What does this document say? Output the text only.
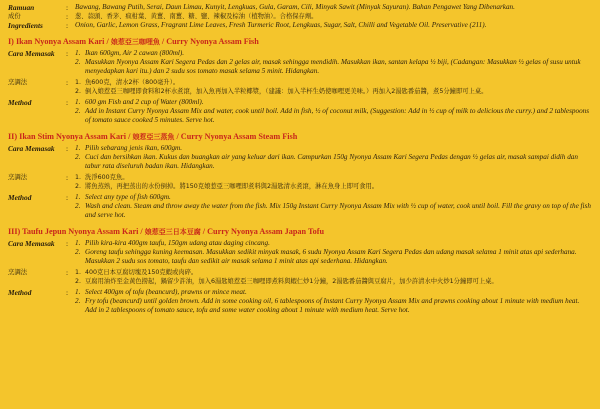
Ramuan	: Bawang, Bawang Putih, Serai, Daun Limau, Kunyit, Lengkuas, Gula, Garam, Cili, Minyak Sawit (Minyak Sayuran). Bahan Pengawet Yang Dibenarkan.
成份	:	葱、蒜頭、香茅、疯柑葉、黄薑、南薑、糖、鹽、辣椒及棕油（植物油）。合格保存劑。
Ingredients	: Onion, Garlic, Lemon Grass, Fragrant Lime Leaves, Fresh Turmeric Root, Lengkuas, Sugar, Salt, Chilli and Vegetable Oil. Preservative (211).
I) Ikan Nyonya Assam Kari / 娘惹亞三咖哩魚 / Curry Nyonya Assam Fish
Cara Memasak	: 1. Ikan 600gm, Air 2 cawan (800ml).
2. Masukkan Nyonya Assam Kari Segera Pedas dan 2 gelas air, masak sehingga mendidih. Masukkan ikan, santan kelapa ½ biji, (Cadangan: Masukkan ½ gelas of susu untuk menyedapkan kari itu.) dan 2 sudu sos tomato masak selama 5 minit. Hidangkan.
烹調法	:	1. 魚600克，清水2杯（800毫升）。
2. 倒入娘惹亞三咖哩即食料和2杯水煮滾，加入魚再加入半粒椰漿，（建議：加入半杯生奶使咖哩更美味。）再加入2湯匙番茄醬，煮5分鐘即可上桌。
Method	: 1. 600 gm Fish and 2 cup of Water (800ml).
2. Add in Instant Curry Nyonya Assam Mix and water, cook until boil. Add in fish, ½ of coconut milk, (Suggestion: Add in ½ cup of milk to delicious the curry.) and 2 tablespoons of tomato sauce cooked 5 minutes. Serve hot.
II) Ikan Stim Nyonya Assam Kari / 娘惹亞三蒸魚 / Curry Nyonya Assam Steam Fish
Cara Memasak	: 1. Pilih sebarang jenis ikan, 600gm.
2. Cuci dan bersihkan ikan. Kukus dan buangkan air yang keluar dari ikan. Campurkan 150g Nyonya Assam Kari Segera Pedas dengan ½ gelas air, masak sampai didih dan tabur rata diseluruh badan ikan. Hidangkan.
烹調法	:	1. 洗淨600克魚。
2. 將魚蒸熟，再把蒸出的水份倒掉。將150克娘惹亞三咖哩即煮料與2湯匙清水煮滾，淋在魚身上即可食用。
Method	: 1. Select any type of fish 600gm.
2. Wash and clean. Steam and throw away the water from the fish. Mix 150g Instant Curry Nyonya Assam Mix with ½ cup of water, cook until boil. Fill the gravy on top of the fish and serve hot.
III) Taufu Jepun Nyonya Assam Kari / 娘惹亞三日本豆腐 / Curry Nyonya Assam Japan Tofu
Cara Memasak	: 1. Pilih kira-kira 400gm taufu, 150gm udang atau daging cincang.
2. Goreng taufu sehingga kuning keemasan. Masukkan sedikit minyak masak, 6 sudu Nyonya Assam Kari Segera Pedas dan udang masak selama 1 minit atas api sederhana. Masukkan 2 sudu sos tomato, taufu dan sedikit air masak selama 1 minit atas api sederhana. Hidangkan.
烹調法	:	1. 400克日本豆腐切塊及150克蝦或肉碎。
2. 豆腐用油炸至金黃色撈起，鍋留少許油，加入6湯匙娘惹亞三咖哩即煮料與蝦仁炒1分鐘，2湯匙番茄醬與豆腐片，加少許清水中火炒1分鐘即可上桌。
Method	: 1. Select 400gm of tofu (beancurd), prawns or mince meat.
2. Fry tofu (beancurd) until golden brown. Add in some cooking oil, 6 tablespoons of Instant Curry Nyonya Assam Mix and prawns cooking about 1 minute with medium heat. Add in 2 tablespoons of tomato sauce, tofu and some water cooking about 1 minute with medium heat. Serve hot.
